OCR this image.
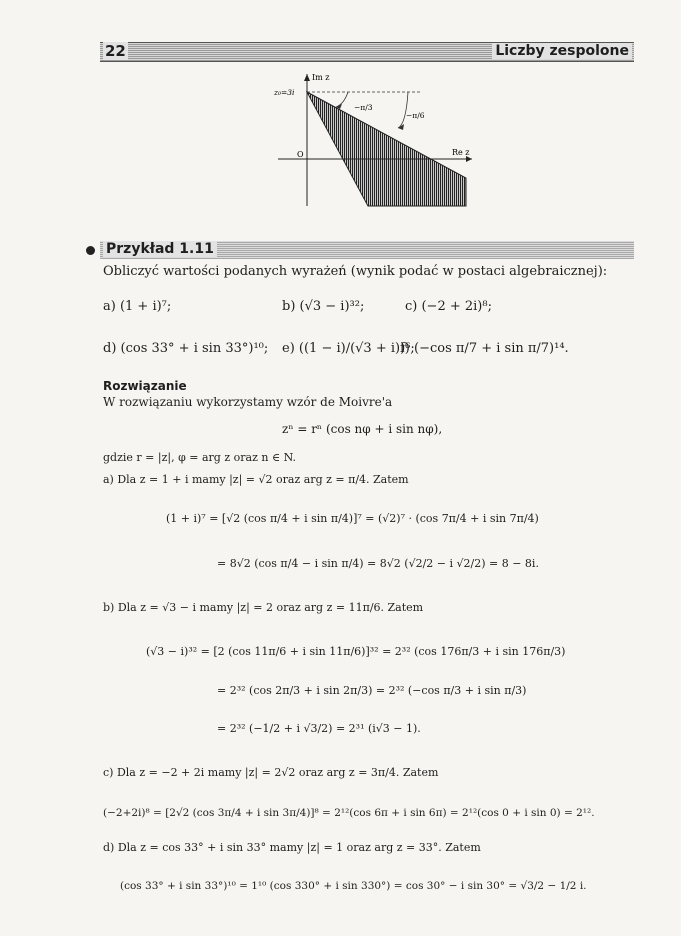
22	Liczby zespolone
Im z
Re z
z₀=3i
O
−π/3
−π/6
Przykład 1.11
Obliczyć wartości podanych wyrażeń (wynik podać w postaci algebraicznej):
a) (1 + i)⁷;	b) (√3 − i)³²;	c) (−2 + 2i)⁸;
d) (cos 33° + i sin 33°)¹⁰; e) ((1 − i)/(√3 + i))⁶;
f) (−cos π/7 + i sin π/7)¹⁴.
Rozwiązanie
W rozwiązaniu wykorzystamy wzór de Moivre'a
zⁿ = rⁿ (cos nφ + i sin nφ),
gdzie r = |z|, φ = arg z oraz n ∈ N.
a) Dla z = 1 + i mamy |z| = √2 oraz arg z = π/4. Zatem
(1 + i)⁷ = [√2 (cos π/4 + i sin π/4)]⁷ = (√2)⁷ · (cos 7π/4 + i sin 7π/4)
= 8√2 (cos π/4 − i sin π/4) = 8√2 (√2/2 − i √2/2) = 8 − 8i.
b) Dla z = √3 − i mamy |z| = 2 oraz arg z = 11π/6. Zatem
(√3 − i)³² = [2 (cos 11π/6 + i sin 11π/6)]³² = 2³² (cos 176π/3 + i sin 176π/3)
= 2³² (cos 2π/3 + i sin 2π/3) = 2³² (−cos π/3 + i sin π/3)
= 2³² (−1/2 + i √3/2) = 2³¹ (i√3 − 1).
c) Dla z = −2 + 2i mamy |z| = 2√2 oraz arg z = 3π/4. Zatem
(−2+2i)⁸ = [2√2 (cos 3π/4 + i sin 3π/4)]⁸ = 2¹²(cos 6π + i sin 6π) = 2¹²(cos 0 + i sin 0) = 2¹².
d) Dla z = cos 33° + i sin 33° mamy |z| = 1 oraz arg z = 33°. Zatem
(cos 33° + i sin 33°)¹⁰ = 1¹⁰ (cos 330° + i sin 330°) = cos 30° − i sin 30° = √3/2 − 1/2 i.
